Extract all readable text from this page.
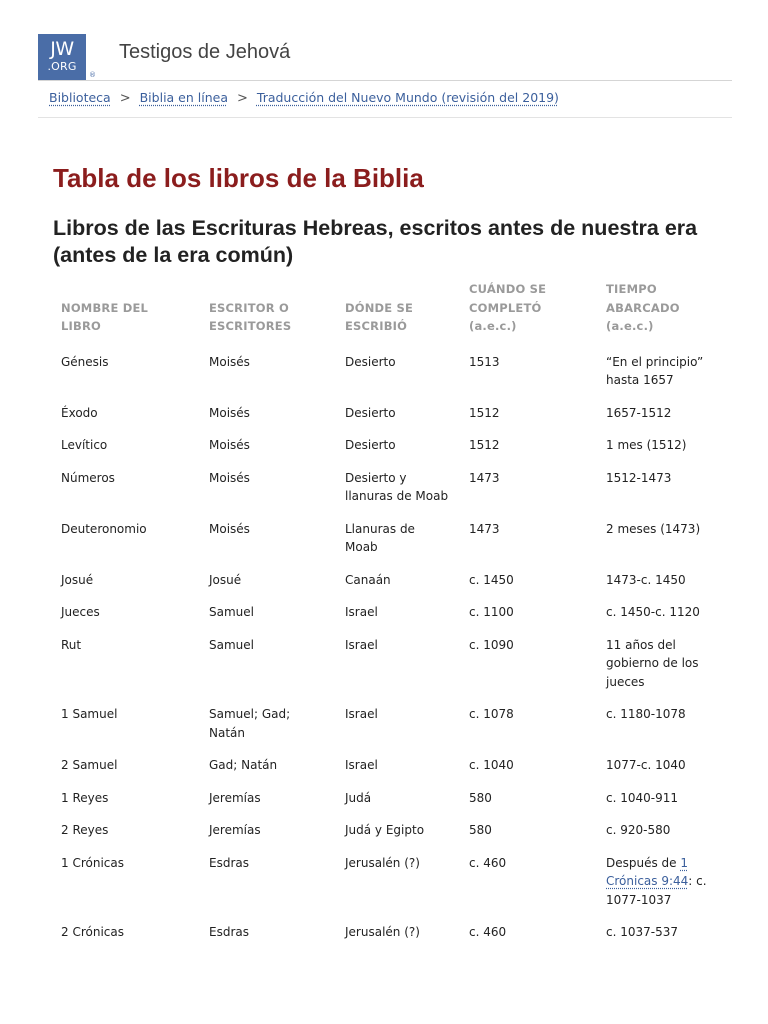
JW
.ORG
®
Testigos de Jehová
Biblioteca > Biblia en línea > Traducción del Nuevo Mundo (revisión del 2019)
Tabla de los libros de la Biblia
Libros de las Escrituras Hebreas, escritos antes de nuestra era (antes de la era común)
NOMBRE DEL LIBRO	ESCRITOR O ESCRITORES	DÓNDE SE ESCRIBIÓ	CUÁNDO SE COMPLETÓ (a.e.c.)	TIEMPO ABARCADO (a.e.c.)
Génesis	Moisés	Desierto	1513	“En el principio” hasta 1657
Éxodo	Moisés	Desierto	1512	1657-1512
Levítico	Moisés	Desierto	1512	1 mes (1512)
Números	Moisés	Desierto y llanuras de Moab	1473	1512-1473
Deuteronomio	Moisés	Llanuras de Moab	1473	2 meses (1473)
Josué	Josué	Canaán	c. 1450	1473-c. 1450
Jueces	Samuel	Israel	c. 1100	c. 1450-c. 1120
Rut	Samuel	Israel	c. 1090	11 años del gobierno de los jueces
1 Samuel	Samuel; Gad; Natán	Israel	c. 1078	c. 1180-1078
2 Samuel	Gad; Natán	Israel	c. 1040	1077-c. 1040
1 Reyes	Jeremías	Judá	580	c. 1040-911
2 Reyes	Jeremías	Judá y Egipto	580	c. 920-580
1 Crónicas	Esdras	Jerusalén (?)	c. 460	Después de 1 Crónicas 9:44: c. 1077-1037
2 Crónicas	Esdras	Jerusalén (?)	c. 460	c. 1037-537
